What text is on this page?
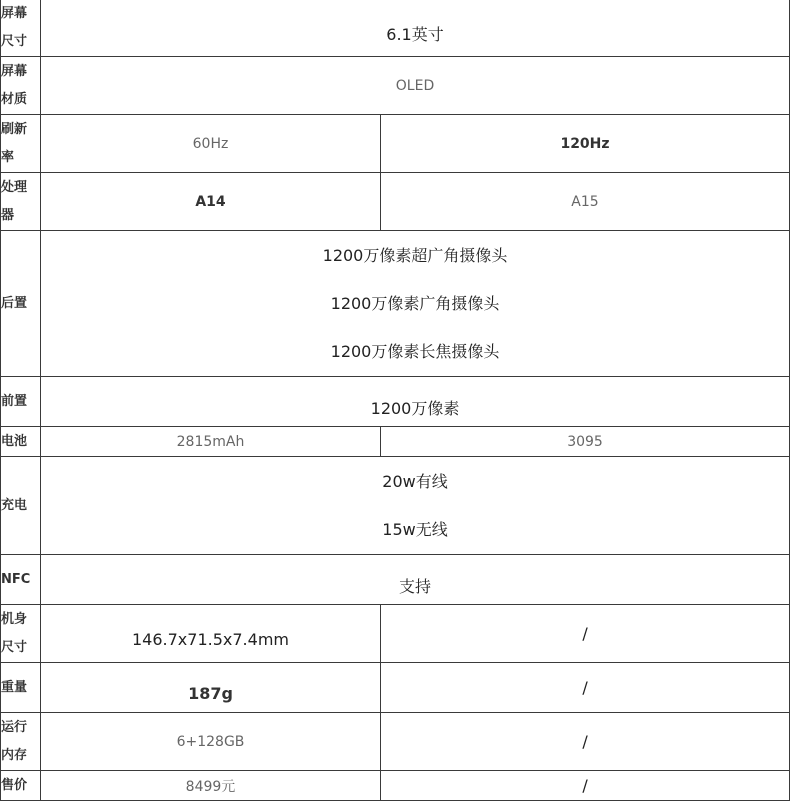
屏幕
尺寸	6.1英寸	

屏幕
材质	OLED	

刷新
率	60Hz	120Hz

处理
器	A14	A15
后置	1200万像素超广角摄像头

1200万像素广角摄像头

1200万像素长焦摄像头	

前置	1200万像素	
电池	2815mAh	3095
充电	20w有线

15w无线	

NFC	支持	

机身
尺寸	146.7x71.5x7.4mm	/
重量	187g	/

运行
内存	6+128GB	/
售价	8499元	/
